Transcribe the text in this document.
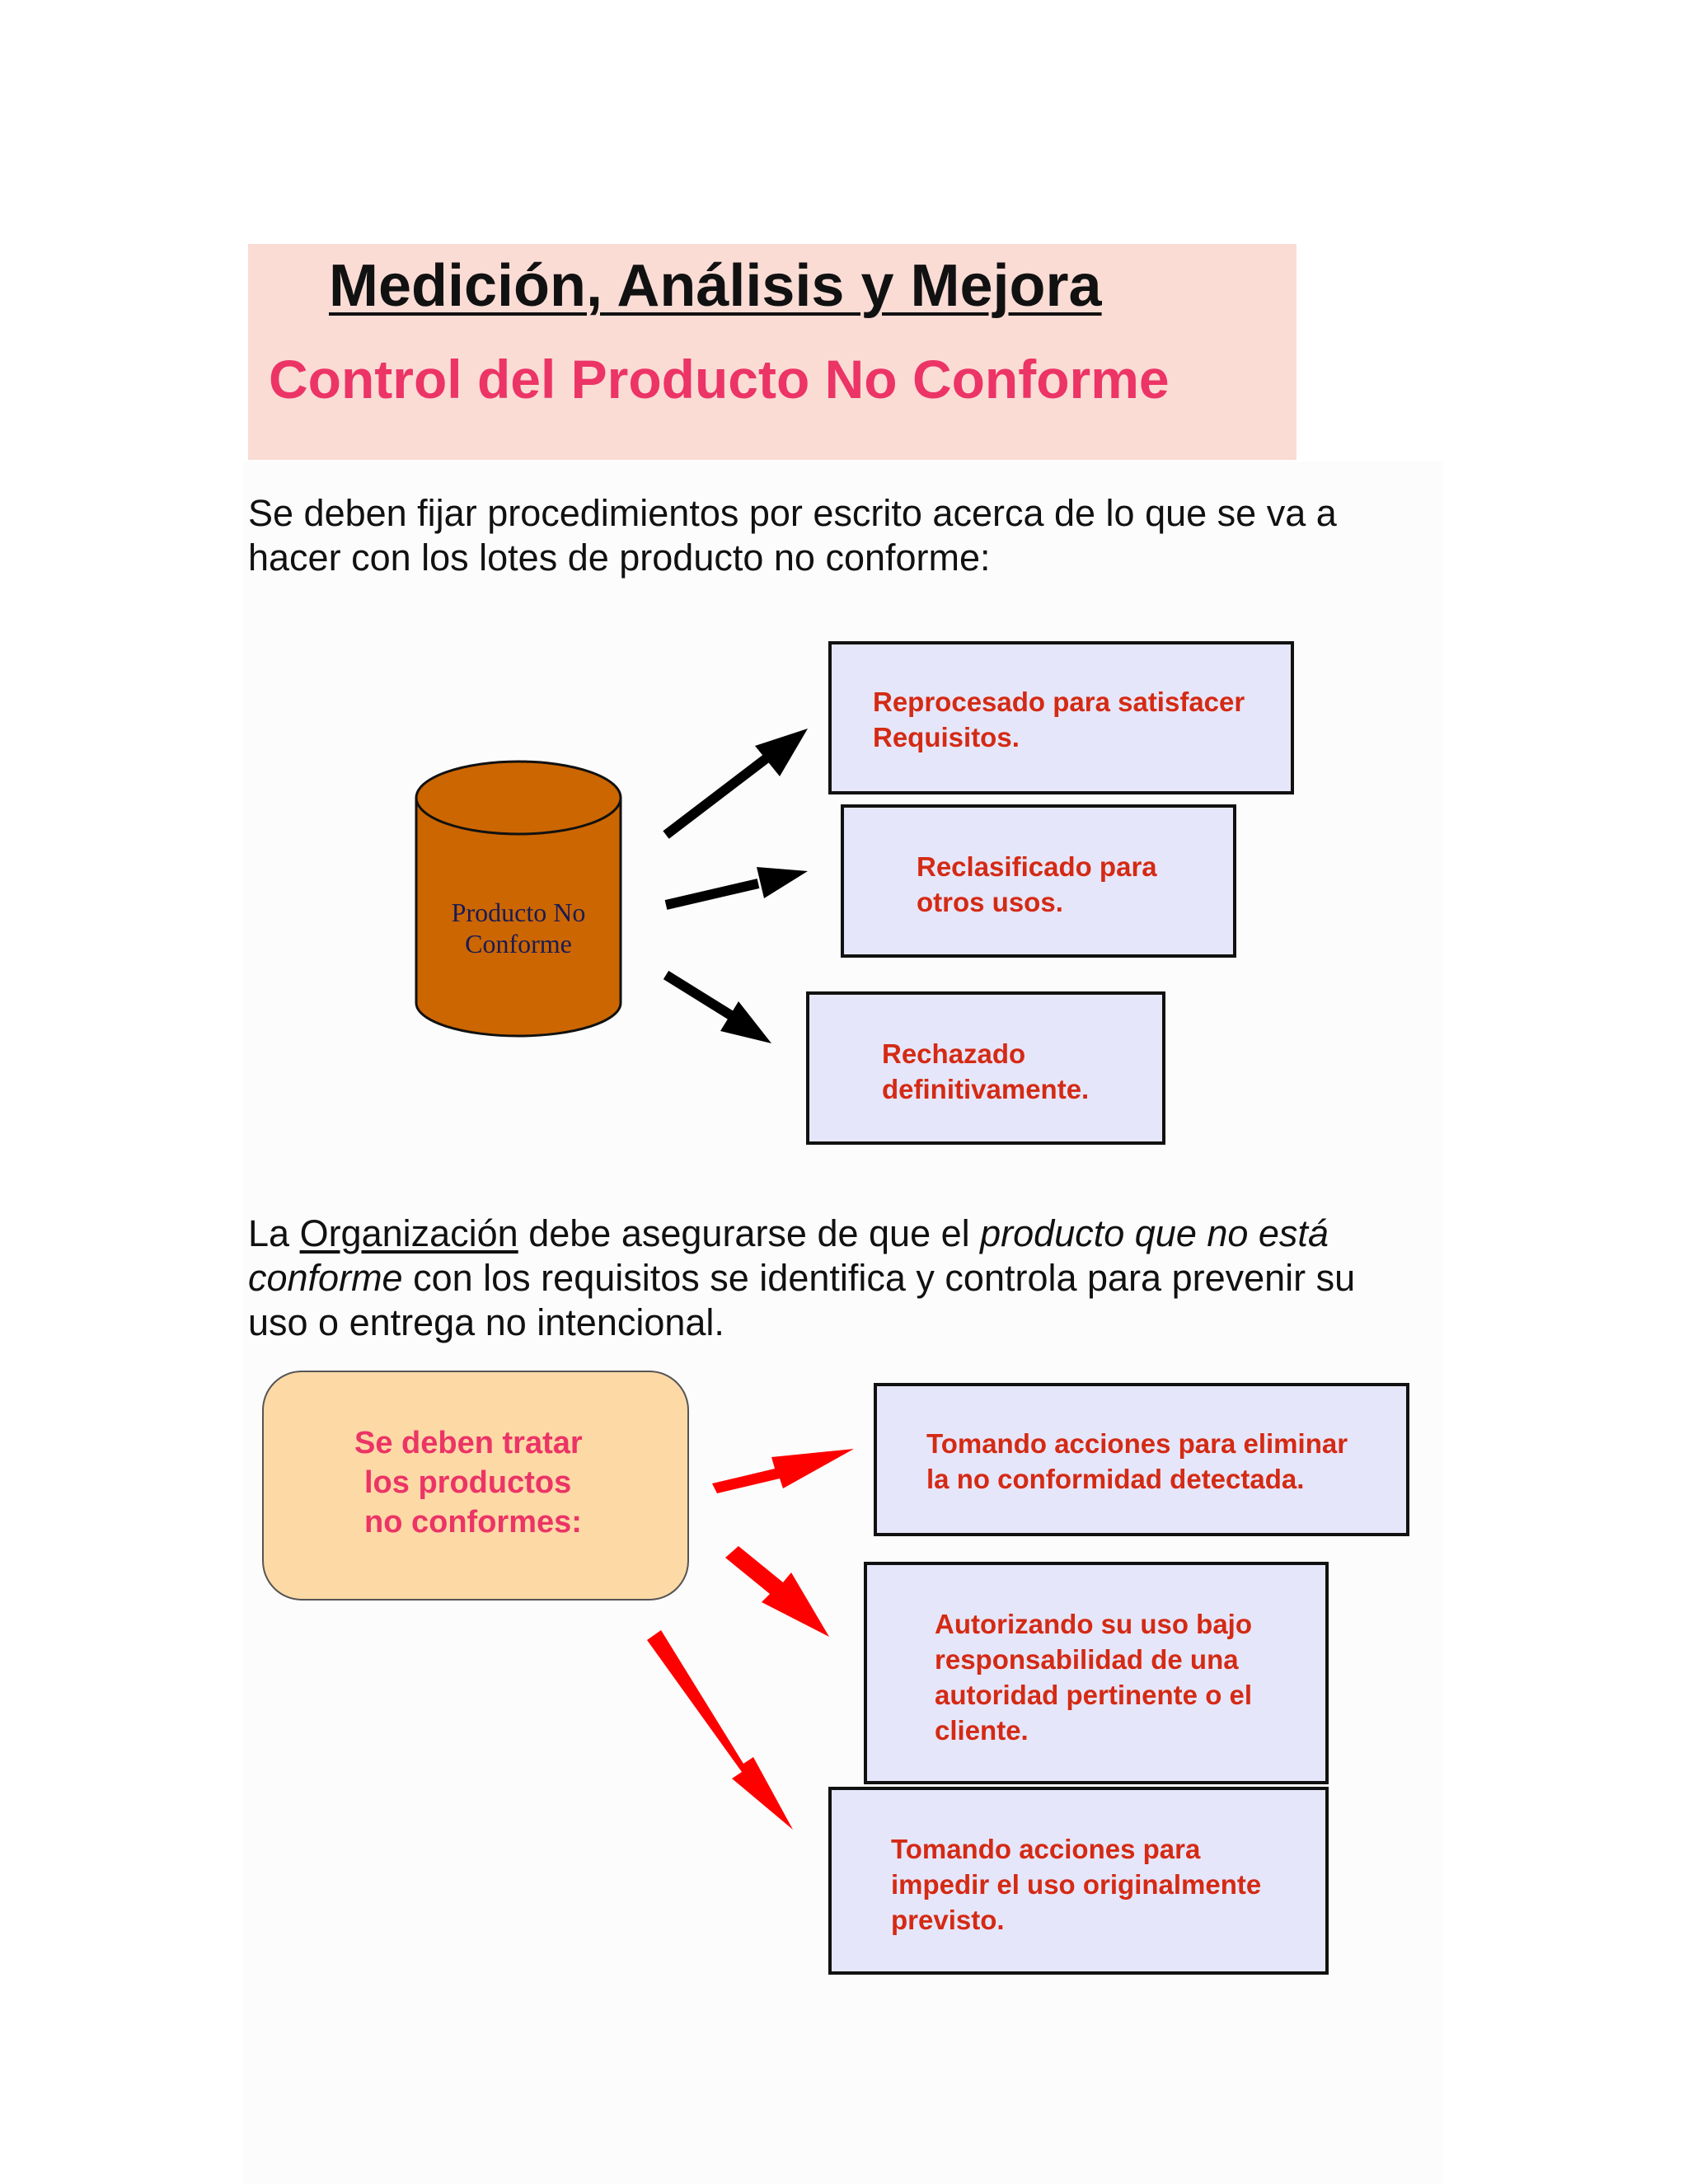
Medición, Análisis y Mejora
Control del Producto No Conforme
Se deben fijar procedimientos por escrito acerca de lo que se va a
hacer con los lotes de producto no conforme:
Producto No
Conforme
Reprocesado para satisfacer
Requisitos.
Reclasificado para
otros usos.
Rechazado
definitivamente.
La Organización debe asegurarse de que el producto que no está
conforme con los requisitos se identifica y controla para prevenir su
uso o entrega no intencional.
Se deben tratar
los productos
no conformes:
Tomando acciones para eliminar
la no conformidad detectada.
Autorizando su uso bajo
responsabilidad de una
autoridad pertinente o el
cliente.
Tomando acciones para
impedir el uso originalmente
previsto.
